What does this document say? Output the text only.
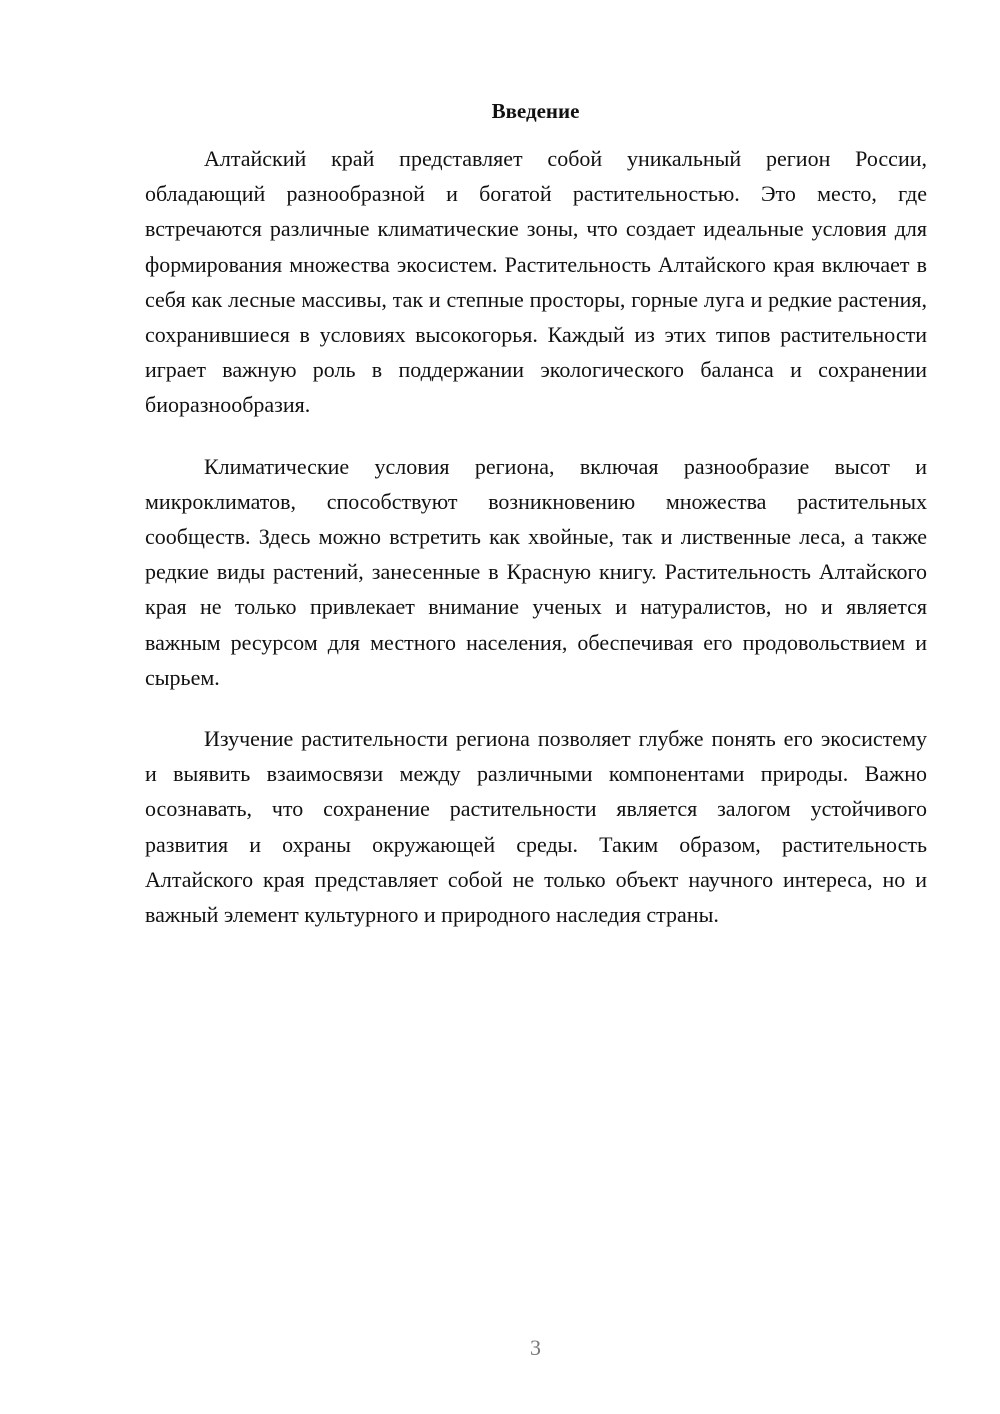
Введение

Алтайский край представляет собой уникальный регион России, обладающий разнообразной и богатой растительностью. Это место, где встречаются различные климатические зоны, что создает идеальные условия для формирования множества экосистем. Растительность Алтайского края включает в себя как лесные массивы, так и степные просторы, горные луга и редкие растения, сохранившиеся в условиях высокогорья. Каждый из этих типов растительности играет важную роль в поддержании экологического баланса и сохранении биоразнообразия.

Климатические условия региона, включая разнообразие высот и микроклиматов, способствуют возникновению множества растительных сообществ. Здесь можно встретить как хвойные, так и лиственные леса, а также редкие виды растений, занесенные в Красную книгу. Растительность Алтайского края не только привлекает внимание ученых и натуралистов, но и является важным ресурсом для местного населения, обеспечивая его продовольствием и сырьем.

Изучение растительности региона позволяет глубже понять его экосистему и выявить взаимосвязи между различными компонентами природы. Важно осознавать, что сохранение растительности является залогом устойчивого развития и охраны окружающей среды. Таким образом, растительность Алтайского края представляет собой не только объект научного интереса, но и важный элемент культурного и природного наследия страны.

3
